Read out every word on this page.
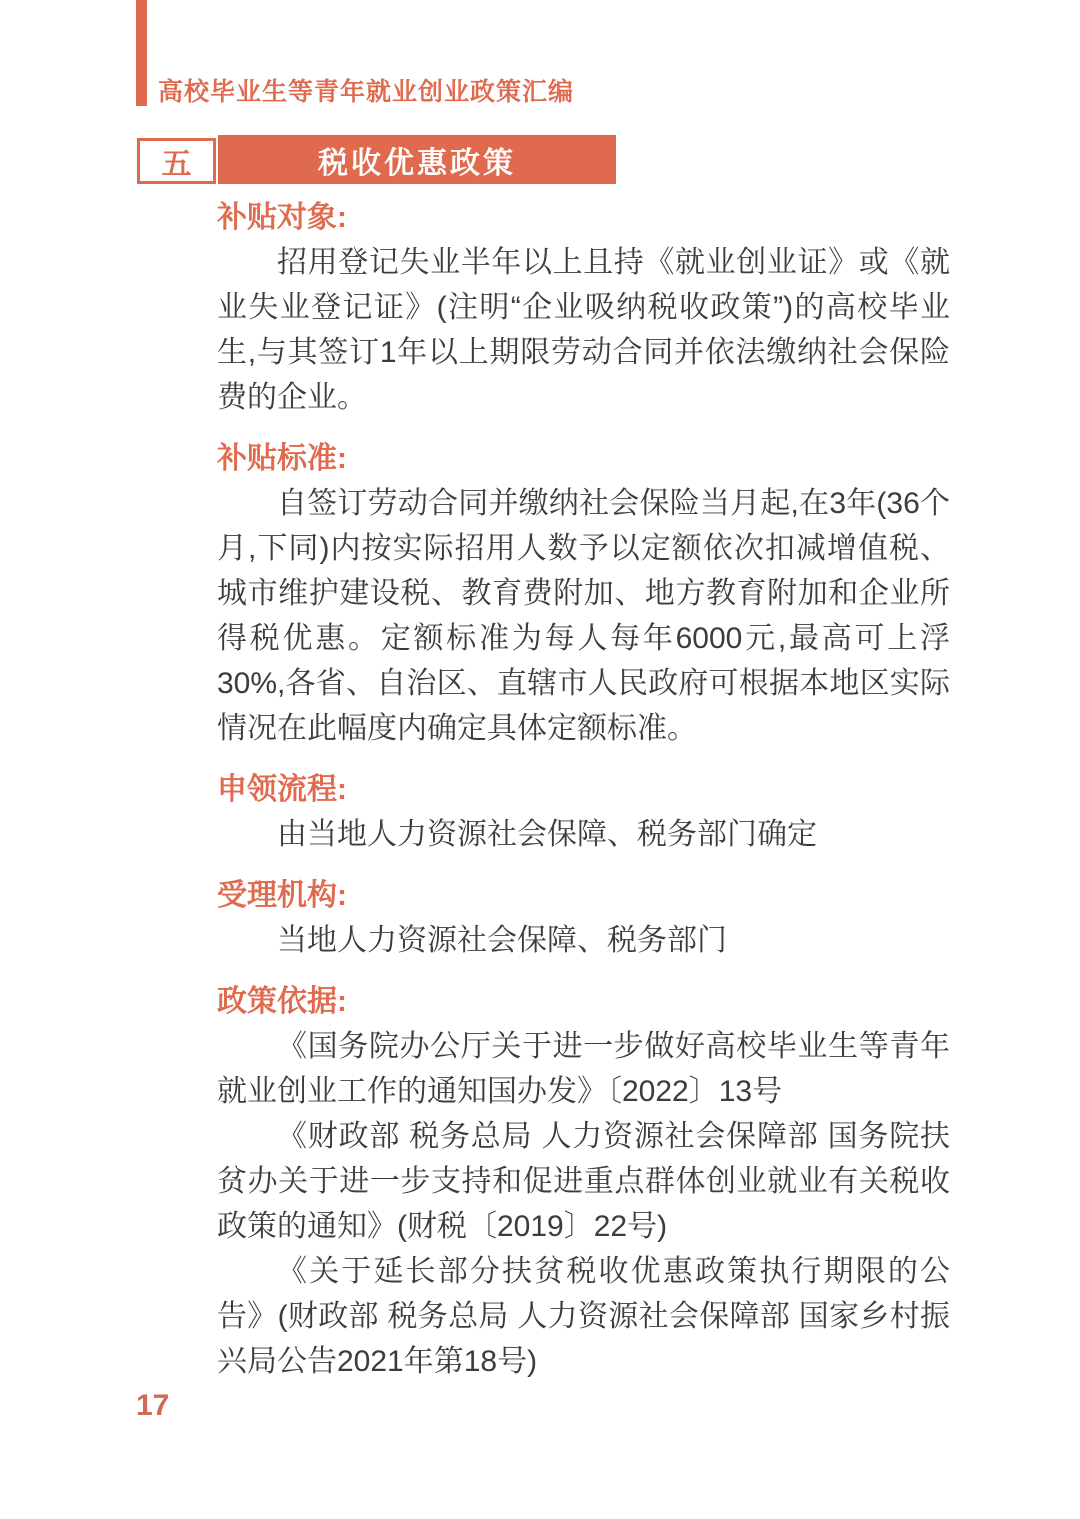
高校毕业生等青年就业创业政策汇编
五	税收优惠政策
补贴对象:

招用登记失业半年以上且持《就业创业证》或《就业失业登记证》(注明“企业吸纳税收政策”)的高校毕业生,与其签订1年以上期限劳动合同并依法缴纳社会保险费的企业。

补贴标准:

自签订劳动合同并缴纳社会保险当月起,在3年(36个月,下同)内按实际招用人数予以定额依次扣减增值税、城市维护建设税、教育费附加、地方教育附加和企业所得税优惠。定额标准为每人每年6000元,最高可上浮30%,各省、自治区、直辖市人民政府可根据本地区实际情况在此幅度内确定具体定额标准。

申领流程:

由当地人力资源社会保障、税务部门确定

受理机构:

当地人力资源社会保障、税务部门

政策依据:

《国务院办公厅关于进一步做好高校毕业生等青年就业创业工作的通知国办发》〔2022〕13号

《财政部 税务总局 人力资源社会保障部 国务院扶贫办关于进一步支持和促进重点群体创业就业有关税收政策的通知》(财税〔2019〕22号)

《关于延长部分扶贫税收优惠政策执行期限的公告》(财政部 税务总局 人力资源社会保障部 国家乡村振兴局公告2021年第18号)

17
